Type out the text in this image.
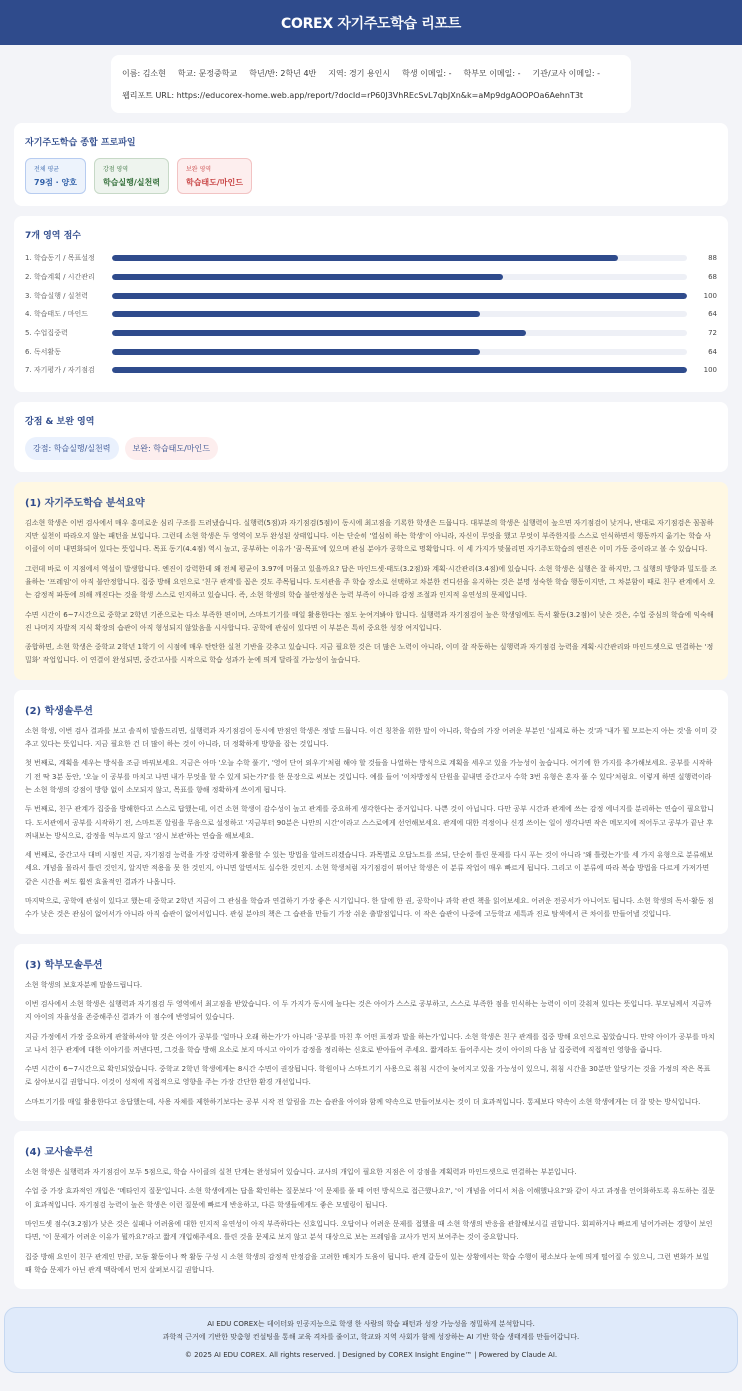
COREX 자기주도학습 리포트
이름: 김소현 학교: 문정중학교 학년/반: 2학년 4반 지역: 경기 용인시 학생 이메일: - 학부모 이메일: - 기관/교사 이메일: -
웹리포트 URL: https://educorex-home.web.app/report/?docId=rP60J3VhREcSvL7qbJXn&k=aMp9dgAOOPOa6AehnT3t
자기주도학습 종합 프로파일
전체 평균
79점 · 양호
강점 영역
학습실행/실천력
보완 영역
학습태도/마인드
7개 영역 점수
1. 학습동기 / 목표설정	88
2. 학습계획 / 시간관리	68
3. 학습실행 / 실천력	100
4. 학습태도 / 마인드	64
5. 수업집중력	72
6. 독서활동	64
7. 자기평가 / 자기점검	100
강점 & 보완 영역
강점: 학습실행/실천력	보완: 학습태도/마인드
(1) 자기주도학습 분석요약

김소현 학생은 이번 검사에서 매우 흥미로운 심리 구조를 드러냈습니다. 실행력(5점)과 자기점검(5점)이 동시에 최고점을 기록한 학생은 드뭅니다. 대부분의 학생은 실행력이 높으면 자기점검이 낮거나, 반대로 자기점검은 꼼꼼하지만 실천이 따라오지 않는 패턴을 보입니다. 그런데 소현 학생은 두 영역이 모두 완성된 상태입니다. 이는 단순히 '열심히 하는 학생'이 아니라, 자신이 무엇을 했고 무엇이 부족한지를 스스로 인식하면서 행동까지 옮기는 학습 사이클이 이미 내면화되어 있다는 뜻입니다. 목표 동기(4.4점) 역시 높고, 공부하는 이유가 '꿈·목표'에 있으며 관심 분야가 공학으로 명확합니다. 이 세 가지가 맞물리면 자기주도학습의 엔진은 이미 가동 중이라고 볼 수 있습니다.

그런데 바로 이 지점에서 역설이 발생합니다. 엔진이 강력한데 왜 전체 평균이 3.97에 머물고 있을까요? 답은 마인드셋·태도(3.2점)와 계획·시간관리(3.4점)에 있습니다. 소현 학생은 실행은 잘 하지만, 그 실행의 방향과 밀도를 조율하는 '프레임'이 아직 불안정합니다. 집중 방해 요인으로 '친구 관계'를 꼽은 것도 주목됩니다. 도서관을 주 학습 장소로 선택하고 차분한 컨디션을 유지하는 것은 분명 성숙한 학습 행동이지만, 그 차분함이 때로 친구 관계에서 오는 감정적 파동에 의해 깨진다는 것을 학생 스스로 인지하고 있습니다. 즉, 소현 학생의 학습 불안정성은 능력 부족이 아니라 감정 조절과 인지적 유연성의 문제입니다.

수면 시간이 6~7시간으로 중학교 2학년 기준으로는 다소 부족한 편이며, 스마트기기를 매일 활용한다는 점도 눈여겨봐야 합니다. 실행력과 자기점검이 높은 학생임에도 독서 활동(3.2점)이 낮은 것은, 수업 중심의 학습에 익숙해진 나머지 자발적 지식 확장의 습관이 아직 형성되지 않았음을 시사합니다. 공학에 관심이 있다면 이 부분은 특히 중요한 성장 여지입니다.

종합하면, 소현 학생은 중학교 2학년 1학기 이 시점에 매우 탄탄한 실천 기반을 갖추고 있습니다. 지금 필요한 것은 더 많은 노력이 아니라, 이미 잘 작동하는 실행력과 자기점검 능력을 계획·시간관리와 마인드셋으로 연결하는 '정밀화' 작업입니다. 이 연결이 완성되면, 중간고사를 시작으로 학습 성과가 눈에 띄게 달라질 가능성이 높습니다.

(2) 학생솔루션

소현 학생, 이번 검사 결과를 보고 솔직히 말씀드리면, 실행력과 자기점검이 동시에 만점인 학생은 정말 드뭅니다. 이건 칭찬을 위한 말이 아니라, 학습의 가장 어려운 부분인 '실제로 하는 것'과 '내가 뭘 모르는지 아는 것'을 이미 갖추고 있다는 뜻입니다. 지금 필요한 건 더 많이 하는 것이 아니라, 더 정확하게 방향을 잡는 것입니다.

첫 번째로, 계획을 세우는 방식을 조금 바꿔보세요. 지금은 아마 '오늘 수학 풀기', '영어 단어 외우기'처럼 해야 할 것들을 나열하는 방식으로 계획을 세우고 있을 가능성이 높습니다. 여기에 한 가지를 추가해보세요. 공부를 시작하기 전 딱 3분 동안, '오늘 이 공부를 마치고 나면 내가 무엇을 할 수 있게 되는가?'를 한 문장으로 써보는 것입니다. 예를 들어 '이차방정식 단원을 끝내면 중간고사 수학 3번 유형은 혼자 풀 수 있다'처럼요. 이렇게 하면 실행력이라는 소현 학생의 강점이 방향 없이 소모되지 않고, 목표를 향해 정확하게 쓰이게 됩니다.

두 번째로, 친구 관계가 집중을 방해한다고 스스로 답했는데, 이건 소현 학생이 감수성이 높고 관계를 중요하게 생각한다는 증거입니다. 나쁜 것이 아닙니다. 다만 공부 시간과 관계에 쓰는 감정 에너지를 분리하는 연습이 필요합니다. 도서관에서 공부를 시작하기 전, 스마트폰 알림을 무음으로 설정하고 '지금부터 90분은 나만의 시간'이라고 스스로에게 선언해보세요. 관계에 대한 걱정이나 신경 쓰이는 일이 생각나면 작은 메모지에 적어두고 공부가 끝난 후 꺼내보는 방식으로, 감정을 억누르지 않고 '잠시 보관'하는 연습을 해보세요.

세 번째로, 중간고사 대비 시점인 지금, 자기점검 능력을 가장 강력하게 활용할 수 있는 방법을 알려드리겠습니다. 과목별로 오답노트를 쓰되, 단순히 틀린 문제를 다시 푸는 것이 아니라 '왜 틀렸는가'를 세 가지 유형으로 분류해보세요. 개념을 몰라서 틀린 것인지, 알지만 적용을 못 한 것인지, 아니면 알면서도 실수한 것인지. 소현 학생처럼 자기점검이 뛰어난 학생은 이 분류 작업이 매우 빠르게 됩니다. 그리고 이 분류에 따라 복습 방법을 다르게 가져가면 같은 시간을 써도 훨씬 효율적인 결과가 나옵니다.

마지막으로, 공학에 관심이 있다고 했는데 중학교 2학년 지금이 그 관심을 학습과 연결하기 가장 좋은 시기입니다. 한 달에 한 권, 공학이나 과학 관련 책을 읽어보세요. 어려운 전공서가 아니어도 됩니다. 소현 학생의 독서·활동 점수가 낮은 것은 관심이 없어서가 아니라 아직 습관이 없어서입니다. 관심 분야의 책은 그 습관을 만들기 가장 쉬운 출발점입니다. 이 작은 습관이 나중에 고등학교 세특과 진로 탐색에서 큰 차이를 만들어낼 것입니다.

(3) 학부모솔루션

소현 학생의 보호자분께 말씀드립니다.

이번 검사에서 소현 학생은 실행력과 자기점검 두 영역에서 최고점을 받았습니다. 이 두 가지가 동시에 높다는 것은 아이가 스스로 공부하고, 스스로 부족한 점을 인식하는 능력이 이미 갖춰져 있다는 뜻입니다. 부모님께서 지금까지 아이의 자율성을 존중해주신 결과가 이 점수에 반영되어 있습니다.

지금 가정에서 가장 중요하게 관찰하셔야 할 것은 아이가 공부를 '얼마나 오래 하는가'가 아니라 '공부를 마친 후 어떤 표정과 말을 하는가'입니다. 소현 학생은 친구 관계를 집중 방해 요인으로 꼽았습니다. 만약 아이가 공부를 마치고 나서 친구 관계에 대한 이야기를 꺼낸다면, 그것을 학습 방해 요소로 보지 마시고 아이가 감정을 정리하는 신호로 받아들여 주세요. 짧게라도 들어주시는 것이 아이의 다음 날 집중력에 직접적인 영향을 줍니다.

수면 시간이 6~7시간으로 확인되었습니다. 중학교 2학년 학생에게는 8시간 수면이 권장됩니다. 학원이나 스마트기기 사용으로 취침 시간이 늦어지고 있을 가능성이 있으니, 취침 시간을 30분만 앞당기는 것을 가정의 작은 목표로 삼아보시길 권합니다. 이것이 성적에 직접적으로 영향을 주는 가장 간단한 환경 개선입니다.

스마트기기를 매일 활용한다고 응답했는데, 사용 자체를 제한하기보다는 공부 시작 전 알림을 끄는 습관을 아이와 함께 약속으로 만들어보시는 것이 더 효과적입니다. 통제보다 약속이 소현 학생에게는 더 잘 맞는 방식입니다.

(4) 교사솔루션

소현 학생은 실행력과 자기점검이 모두 5점으로, 학습 사이클의 실천 단계는 완성되어 있습니다. 교사의 개입이 필요한 지점은 이 강점을 계획력과 마인드셋으로 연결하는 부분입니다.

수업 중 가장 효과적인 개입은 '메타인지 질문'입니다. 소현 학생에게는 답을 확인하는 질문보다 '이 문제를 풀 때 어떤 방식으로 접근했나요?', '이 개념을 어디서 처음 이해했나요?'와 같이 사고 과정을 언어화하도록 유도하는 질문이 효과적입니다. 자기점검 능력이 높은 학생은 이런 질문에 빠르게 반응하고, 다른 학생들에게도 좋은 모델링이 됩니다.

마인드셋 점수(3.2점)가 낮은 것은 실패나 어려움에 대한 인지적 유연성이 아직 부족하다는 신호입니다. 오답이나 어려운 문제를 접했을 때 소현 학생의 반응을 관찰해보시길 권합니다. 회피하거나 빠르게 넘어가려는 경향이 보인다면, '이 문제가 어려운 이유가 뭘까요?'라고 짧게 개입해주세요. 틀린 것을 문제로 보지 않고 분석 대상으로 보는 프레임을 교사가 먼저 보여주는 것이 중요합니다.

집중 방해 요인이 친구 관계인 만큼, 모둠 활동이나 짝 활동 구성 시 소현 학생의 감정적 안정감을 고려한 배치가 도움이 됩니다. 관계 갈등이 있는 상황에서는 학습 수행이 평소보다 눈에 띄게 떨어질 수 있으니, 그런 변화가 보일 때 학습 문제가 아닌 관계 맥락에서 먼저 살펴보시길 권합니다.

AI EDU COREX는 데이터와 인공지능으로 학생 한 사람의 학습 패턴과 성장 가능성을 정밀하게 분석합니다.
과학적 근거에 기반한 맞춤형 컨설팅을 통해 교육 격차를 줄이고, 학교와 지역 사회가 함께 성장하는 AI 기반 학습 생태계를 만들어갑니다.
© 2025 AI EDU COREX. All rights reserved. | Designed by COREX Insight Engine™ | Powered by Claude AI.
